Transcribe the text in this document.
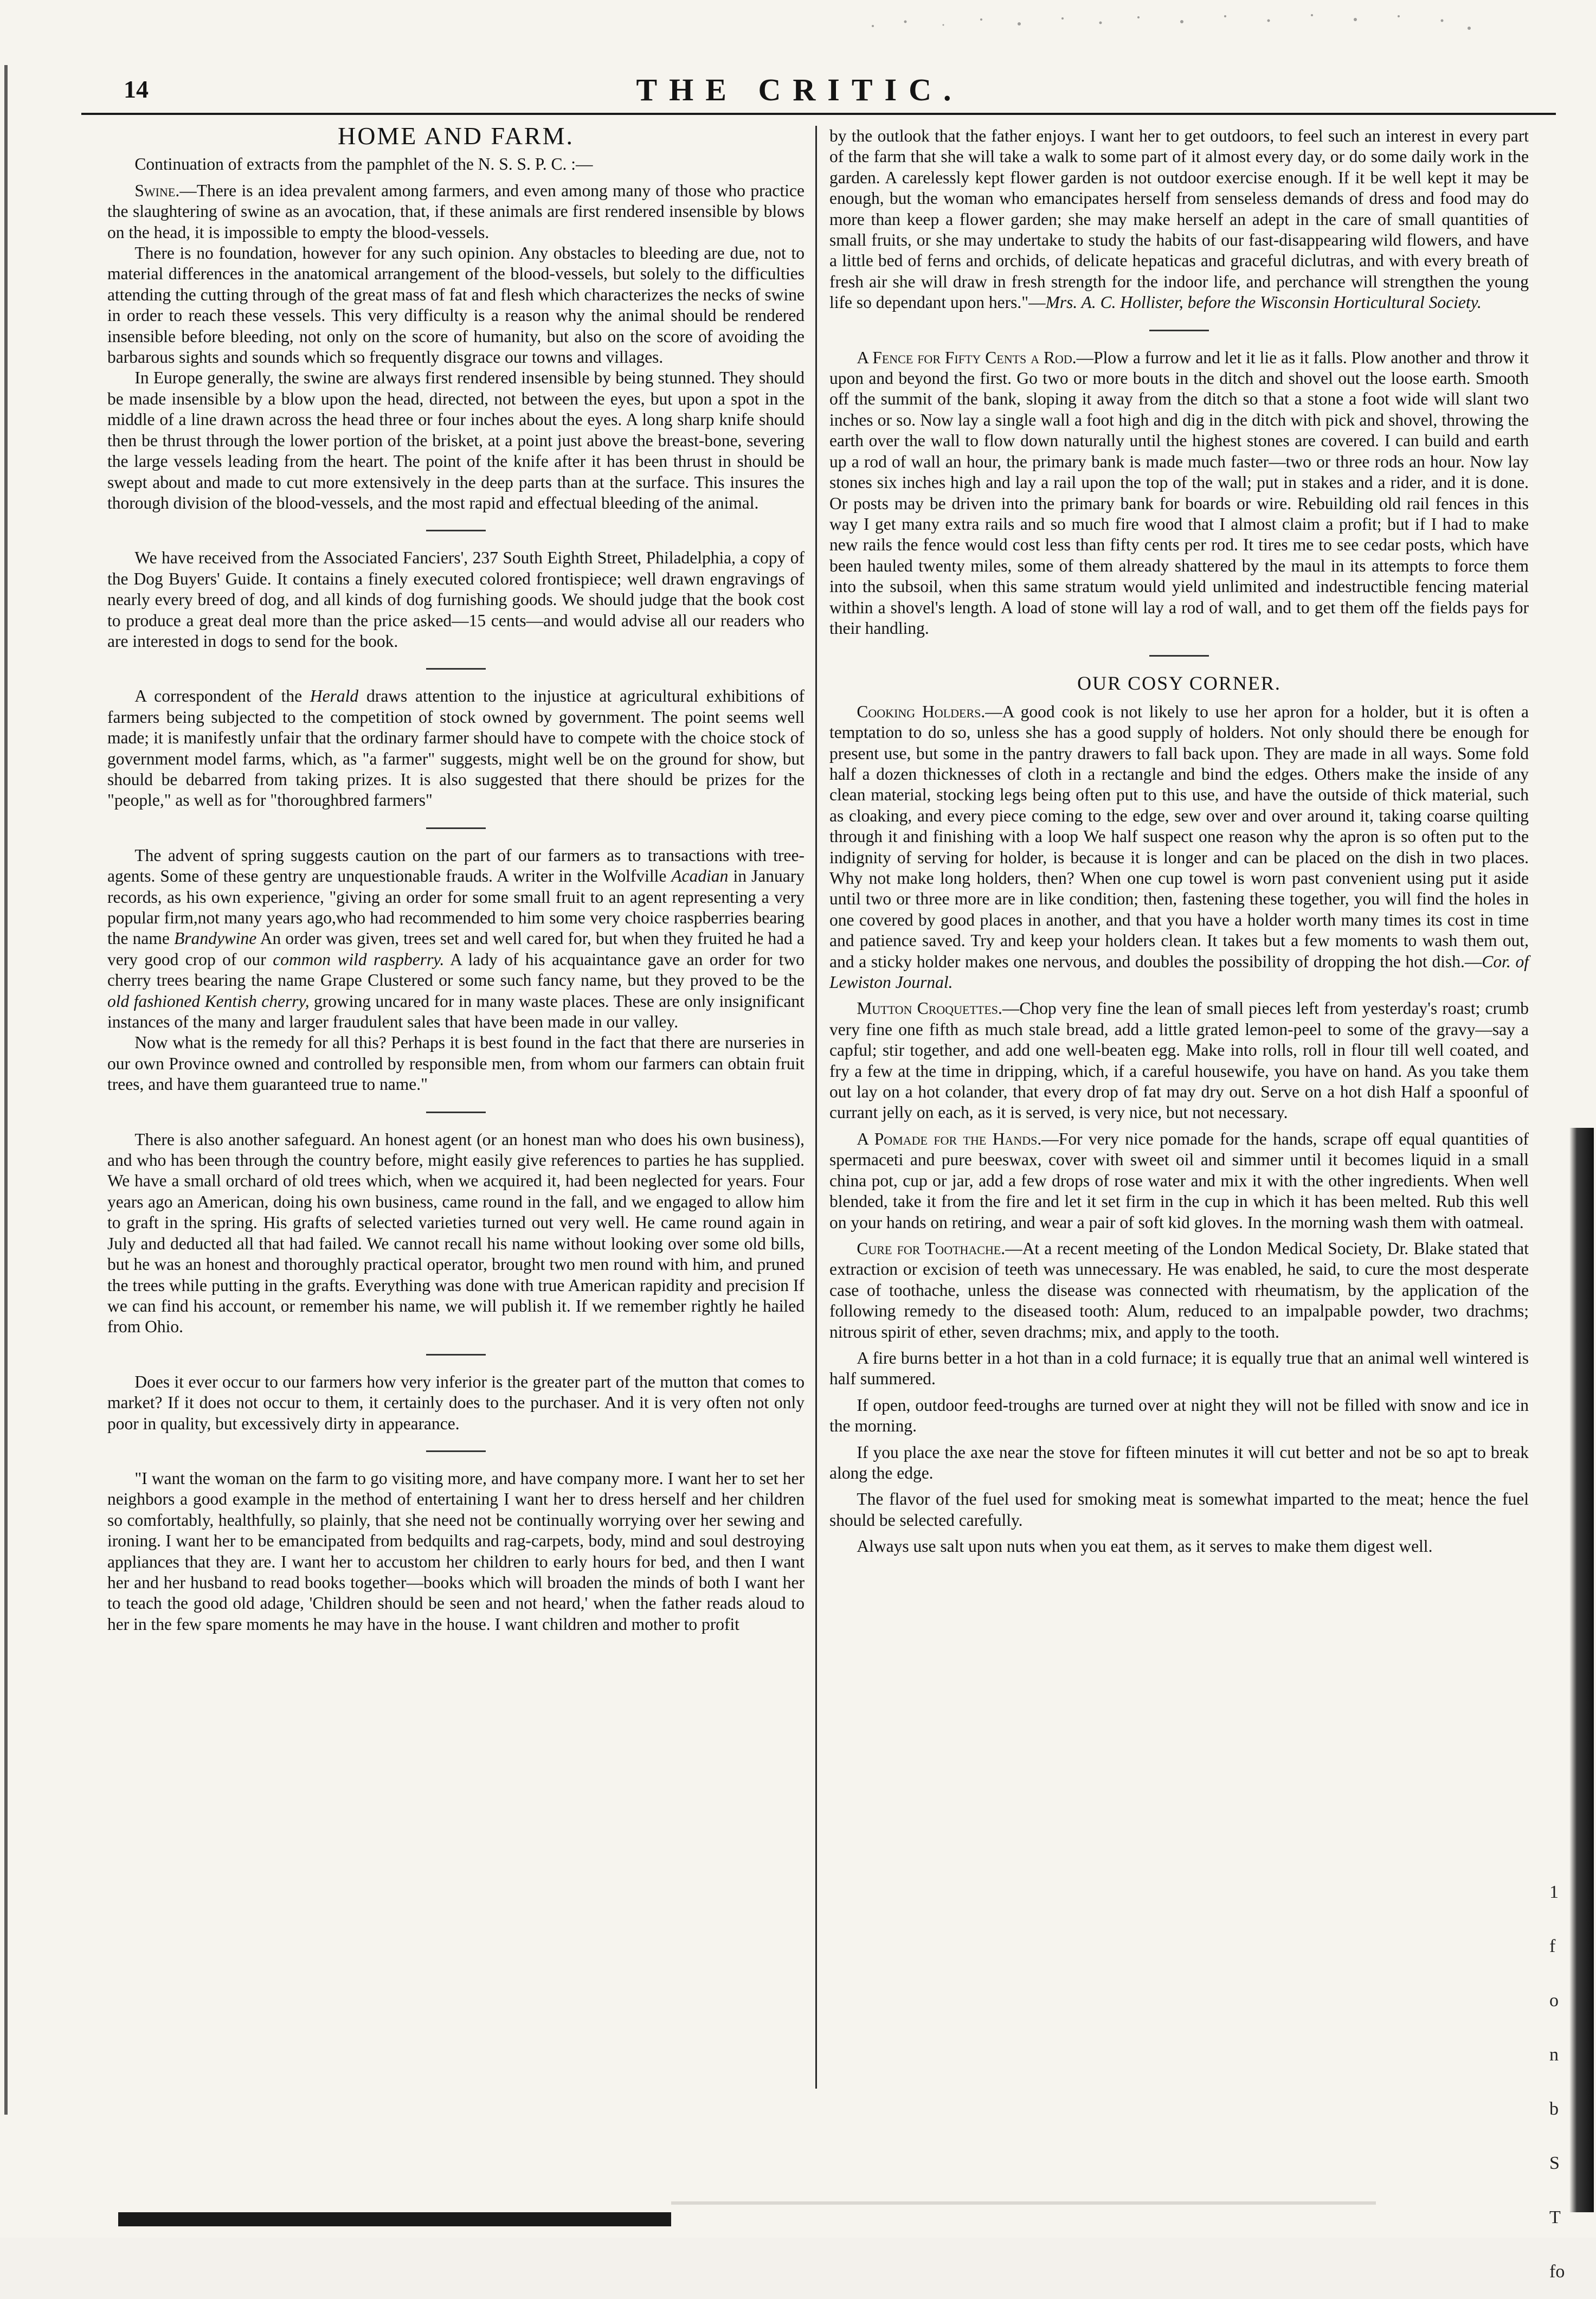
14	THE CRITIC.
HOME AND FARM.

Continuation of extracts from the pamphlet of the N. S. S. P. C. :—

Swine.—There is an idea prevalent among farmers, and even among many of those who practice the slaughtering of swine as an avocation, that, if these animals are first rendered insensible by blows on the head, it is impossible to empty the blood-vessels.

There is no foundation, however for any such opinion. Any obstacles to bleeding are due, not to material differences in the anatomical arrangement of the blood-vessels, but solely to the difficulties attending the cutting through of the great mass of fat and flesh which characterizes the necks of swine in order to reach these vessels. This very difficulty is a reason why the animal should be rendered insensible before bleeding, not only on the score of humanity, but also on the score of avoiding the barbarous sights and sounds which so frequently disgrace our towns and villages.

In Europe generally, the swine are always first rendered insensible by being stunned. They should be made insensible by a blow upon the head, directed, not between the eyes, but upon a spot in the middle of a line drawn across the head three or four inches about the eyes. A long sharp knife should then be thrust through the lower portion of the brisket, at a point just above the breast-bone, severing the large vessels leading from the heart. The point of the knife after it has been thrust in should be swept about and made to cut more extensively in the deep parts than at the surface. This insures the thorough division of the blood-vessels, and the most rapid and effectual bleeding of the animal.

We have received from the Associated Fanciers', 237 South Eighth Street, Philadelphia, a copy of the Dog Buyers' Guide. It contains a finely executed colored frontispiece; well drawn engravings of nearly every breed of dog, and all kinds of dog furnishing goods. We should judge that the book cost to produce a great deal more than the price asked—15 cents—and would advise all our readers who are interested in dogs to send for the book.

A correspondent of the Herald draws attention to the injustice at agricultural exhibitions of farmers being subjected to the competition of stock owned by government. The point seems well made; it is manifestly unfair that the ordinary farmer should have to compete with the choice stock of government model farms, which, as "a farmer" suggests, might well be on the ground for show, but should be debarred from taking prizes. It is also suggested that there should be prizes for the "people," as well as for "thoroughbred farmers"

The advent of spring suggests caution on the part of our farmers as to transactions with tree-agents. Some of these gentry are unquestionable frauds. A writer in the Wolfville Acadian in January records, as his own experience, "giving an order for some small fruit to an agent representing a very popular firm,not many years ago,who had recommended to him some very choice raspberries bearing the name Brandywine An order was given, trees set and well cared for, but when they fruited he had a very good crop of our common wild raspberry. A lady of his acquaintance gave an order for two cherry trees bearing the name Grape Clustered or some such fancy name, but they proved to be the old fashioned Kentish cherry, growing uncared for in many waste places. These are only insignificant instances of the many and larger fraudulent sales that have been made in our valley.

Now what is the remedy for all this? Perhaps it is best found in the fact that there are nurseries in our own Province owned and controlled by responsible men, from whom our farmers can obtain fruit trees, and have them guaranteed true to name."

There is also another safeguard. An honest agent (or an honest man who does his own business), and who has been through the country before, might easily give references to parties he has supplied. We have a small orchard of old trees which, when we acquired it, had been neglected for years. Four years ago an American, doing his own business, came round in the fall, and we engaged to allow him to graft in the spring. His grafts of selected varieties turned out very well. He came round again in July and deducted all that had failed. We cannot recall his name without looking over some old bills, but he was an honest and thoroughly practical operator, brought two men round with him, and pruned the trees while putting in the grafts. Everything was done with true American rapidity and precision If we can find his account, or remember his name, we will publish it. If we remember rightly he hailed from Ohio.

Does it ever occur to our farmers how very inferior is the greater part of the mutton that comes to market? If it does not occur to them, it certainly does to the purchaser. And it is very often not only poor in quality, but excessively dirty in appearance.

"I want the woman on the farm to go visiting more, and have company more. I want her to set her neighbors a good example in the method of entertaining I want her to dress herself and her children so comfortably, healthfully, so plainly, that she need not be continually worrying over her sewing and ironing. I want her to be emancipated from bedquilts and rag-carpets, body, mind and soul destroying appliances that they are. I want her to accustom her children to early hours for bed, and then I want her and her husband to read books together—books which will broaden the minds of both I want her to teach the good old adage, 'Children should be seen and not heard,' when the father reads aloud to her in the few spare moments he may have in the house. I want children and mother to profit

by the outlook that the father enjoys. I want her to get outdoors, to feel such an interest in every part of the farm that she will take a walk to some part of it almost every day, or do some daily work in the garden. A carelessly kept flower garden is not outdoor exercise enough. If it be well kept it may be enough, but the woman who emancipates herself from senseless demands of dress and food may do more than keep a flower garden; she may make herself an adept in the care of small quantities of small fruits, or she may undertake to study the habits of our fast-disappearing wild flowers, and have a little bed of ferns and orchids, of delicate hepaticas and graceful diclutras, and with every breath of fresh air she will draw in fresh strength for the indoor life, and perchance will strengthen the young life so dependant upon hers."—Mrs. A. C. Hollister, before the Wisconsin Horticultural Society.

A Fence for Fifty Cents a Rod.—Plow a furrow and let it lie as it falls. Plow another and throw it upon and beyond the first. Go two or more bouts in the ditch and shovel out the loose earth. Smooth off the summit of the bank, sloping it away from the ditch so that a stone a foot wide will slant two inches or so. Now lay a single wall a foot high and dig in the ditch with pick and shovel, throwing the earth over the wall to flow down naturally until the highest stones are covered. I can build and earth up a rod of wall an hour, the primary bank is made much faster—two or three rods an hour. Now lay stones six inches high and lay a rail upon the top of the wall; put in stakes and a rider, and it is done. Or posts may be driven into the primary bank for boards or wire. Rebuilding old rail fences in this way I get many extra rails and so much fire wood that I almost claim a profit; but if I had to make new rails the fence would cost less than fifty cents per rod. It tires me to see cedar posts, which have been hauled twenty miles, some of them already shattered by the maul in its attempts to force them into the subsoil, when this same stratum would yield unlimited and indestructible fencing material within a shovel's length. A load of stone will lay a rod of wall, and to get them off the fields pays for their handling.

OUR COSY CORNER.

Cooking Holders.—A good cook is not likely to use her apron for a holder, but it is often a temptation to do so, unless she has a good supply of holders. Not only should there be enough for present use, but some in the pantry drawers to fall back upon. They are made in all ways. Some fold half a dozen thicknesses of cloth in a rectangle and bind the edges. Others make the inside of any clean material, stocking legs being often put to this use, and have the outside of thick material, such as cloaking, and every piece coming to the edge, sew over and over around it, taking coarse quilting through it and finishing with a loop We half suspect one reason why the apron is so often put to the indignity of serving for holder, is because it is longer and can be placed on the dish in two places. Why not make long holders, then? When one cup towel is worn past convenient using put it aside until two or three more are in like condition; then, fastening these together, you will find the holes in one covered by good places in another, and that you have a holder worth many times its cost in time and patience saved. Try and keep your holders clean. It takes but a few moments to wash them out, and a sticky holder makes one nervous, and doubles the possibility of dropping the hot dish.—Cor. of Lewiston Journal.

Mutton Croquettes.—Chop very fine the lean of small pieces left from yesterday's roast; crumb very fine one fifth as much stale bread, add a little grated lemon-peel to some of the gravy—say a capful; stir together, and add one well-beaten egg. Make into rolls, roll in flour till well coated, and fry a few at the time in dripping, which, if a careful housewife, you have on hand. As you take them out lay on a hot colander, that every drop of fat may dry out. Serve on a hot dish Half a spoonful of currant jelly on each, as it is served, is very nice, but not necessary.

A Pomade for the Hands.—For very nice pomade for the hands, scrape off equal quantities of spermaceti and pure beeswax, cover with sweet oil and simmer until it becomes liquid in a small china pot, cup or jar, add a few drops of rose water and mix it with the other ingredients. When well blended, take it from the fire and let it set firm in the cup in which it has been melted. Rub this well on your hands on retiring, and wear a pair of soft kid gloves. In the morning wash them with oatmeal.

Cure for Toothache.—At a recent meeting of the London Medical Society, Dr. Blake stated that extraction or excision of teeth was unnecessary. He was enabled, he said, to cure the most desperate case of toothache, unless the disease was connected with rheumatism, by the application of the following remedy to the diseased tooth: Alum, reduced to an impalpable powder, two drachms; nitrous spirit of ether, seven drachms; mix, and apply to the tooth.

A fire burns better in a hot than in a cold furnace; it is equally true that an animal well wintered is half summered.

If open, outdoor feed-troughs are turned over at night they will not be filled with snow and ice in the morning.

If you place the axe near the stove for fifteen minutes it will cut better and not be so apt to break along the edge.

The flavor of the fuel used for smoking meat is somewhat imparted to the meat; hence the fuel should be selected carefully.

Always use salt upon nuts when you eat them, as it serves to make them digest well.

1
f
o
n
b
S
T
fo
